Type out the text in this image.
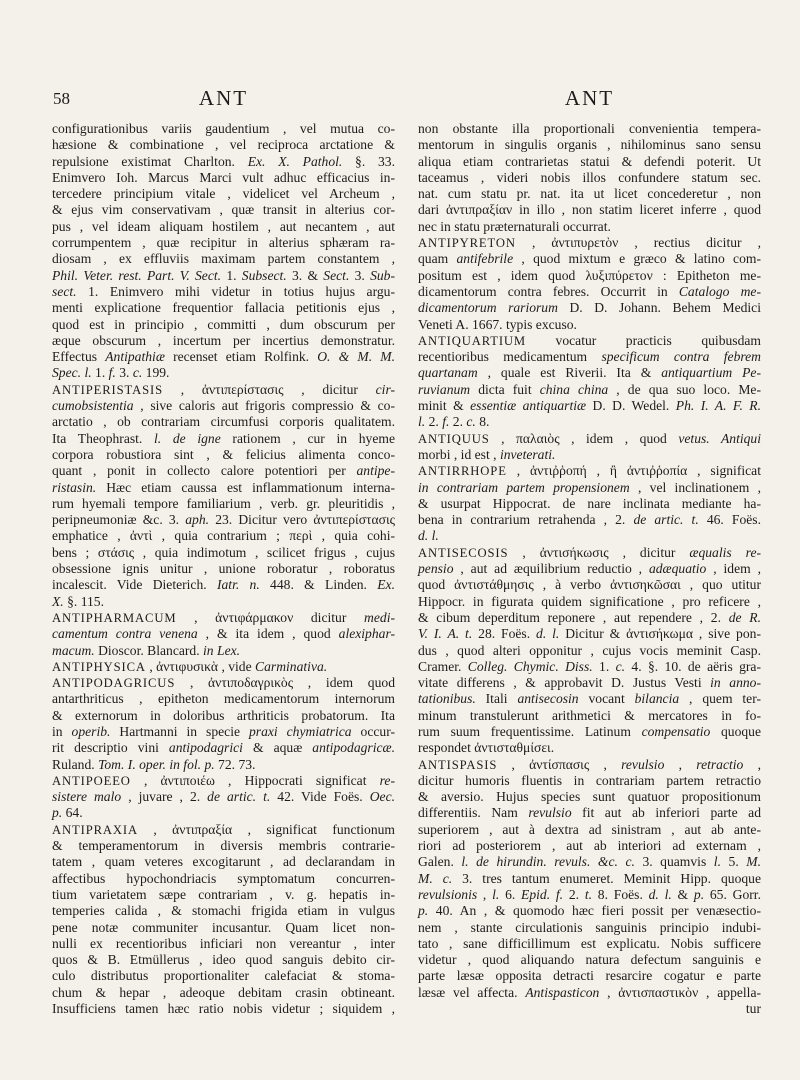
58	ANT	ANT
configurationibus variis gaudentium , vel mutua co-
hæsione & combinatione , vel reciproca arctatione &
repulsione existimat Charlton. Ex. X. Pathol. §. 33.
Enimvero Ioh. Marcus Marci vult adhuc efficacius in-
tercedere principium vitale , videlicet vel Archeum ,
& ejus vim conservativam , quæ transit in alterius cor-
pus , vel ideam aliquam hostilem , aut necantem , aut
corrumpentem , quæ recipitur in alterius sphæram ra-
diosam , ex effluviis maximam partem constantem ,
Phil. Veter. rest. Part. V. Sect. 1. Subsect. 3. & Sect. 3. Sub-
sect. 1. Enimvero mihi videtur in totius hujus argu-
menti explicatione frequentior fallacia petitionis ejus ,
quod est in principio , committi , dum obscurum per
æque obscurum , incertum per incertius demonstratur.
Effectus Antipathiæ recenset etiam Rolfink. O. & M. M.
Spec. l. 1. f. 3. c. 199.
ANTIPERISTASIS , ἀντιπερίστασις , dicitur cir-
cumobsistentia , sive caloris aut frigoris compressio & co-
arctatio , ob contrariam circumfusi corporis qualitatem.
Ita Theophrast. l. de igne rationem , cur in hyeme
corpora robustiora sint , & felicius alimenta conco-
quant , ponit in collecto calore potentiori per antipe-
ristasin. Hæc etiam caussa est inflammationum interna-
rum hyemali tempore familiarium , verb. gr. pleuritidis ,
peripneumoniæ &c. 3. aph. 23. Dicitur vero ἀντιπερίστασις
emphatice , ἀντὶ , quia contrarium ; περὶ , quia cohi-
bens ; στάσις , quia indimotum , scilicet frigus , cujus
obsessione ignis unitur , unione roboratur , roboratus
incalescit. Vide Dieterich. Iatr. n. 448. & Linden. Ex.
X. §. 115.
ANTIPHARMACUM , ἀντιφάρμακον dicitur medi-
camentum contra venena , & ita idem , quod alexiphar-
macum. Dioscor. Blancard. in Lex.
ANTIPHYSICA , ἀντιφυσικὰ , vide Carminativa.
ANTIPODAGRICUS , ἀντιποδαγρικὸς , idem quod
antarthriticus , epitheton medicamentorum internorum
& externorum in doloribus arthriticis probatorum. Ita
in operib. Hartmanni in specie praxi chymiatrica occur-
rit descriptio vini antipodagrici & aquæ antipodagricæ.
Ruland. Tom. I. oper. in fol. p. 72. 73.
ANTIPOEEO , ἀντιποιέω , Hippocrati significat re-
sistere malo , juvare , 2. de artic. t. 42. Vide Foës. Oec.
p. 64.
ANTIPRAXIA , ἀντιπραξία , significat functionum
& temperamentorum in diversis membris contrarie-
tatem , quam veteres excogitarunt , ad declarandam in
affectibus hypochondriacis symptomatum concurren-
tium varietatem sæpe contrariam , v. g. hepatis in-
temperies calida , & stomachi frigida etiam in vulgus
pene notæ communiter incusantur. Quam licet non-
nulli ex recentioribus inficiari non vereantur , inter
quos & B. Etmüllerus , ideo quod sanguis debito cir-
culo distributus proportionaliter calefaciat & stoma-
chum & hepar , adeoque debitam crasin obtineant.
Insufficiens tamen hæc ratio nobis videtur ; siquidem ,
non obstante illa proportionali convenientia tempera-
mentorum in singulis organis , nihilominus sano sensu
aliqua etiam contrarietas statui & defendi poterit. Ut
taceamus , videri nobis illos confundere statum sec.
nat. cum statu pr. nat. ita ut licet concederetur , non
dari ἀντιπραξίαν in illo , non statim liceret inferre , quod
nec in statu præternaturali occurrat.
ANTIPYRETON , ἀντιπυρετὸν , rectius dicitur ,
quam antifebrile , quod mixtum e græco & latino com-
positum est , idem quod λυξιπύρετον : Epitheton me-
dicamentorum contra febres. Occurrit in Catalogo me-
dicamentorum rariorum D. D. Johann. Behem Medici
Veneti A. 1667. typis excuso.
ANTIQUARTIUM vocatur practicis quibusdam
recentioribus medicamentum specificum contra febrem
quartanam , quale est Riverii. Ita & antiquartium Pe-
ruvianum dicta fuit china china , de qua suo loco. Me-
minit & essentiæ antiquartiæ D. D. Wedel. Ph. I. A. F. R.
l. 2. f. 2. c. 8.
ANTIQUUS , παλαιὸς , idem , quod vetus. Antiqui
morbi , id est , inveterati.
ANTIRRHOPE , ἀντιῤῥοπή , ἢ ἀντιῤῥοπία , significat
in contrariam partem propensionem , vel inclinationem ,
& usurpat Hippocrat. de nare inclinata mediante ha-
bena in contrarium retrahenda , 2. de artic. t. 46. Foës.
d. l.
ANTISECOSIS , ἀντισήκωσις , dicitur æqualis re-
pensio , aut ad æquilibrium reductio , adæquatio , idem ,
quod ἀντιστάθμησις , à verbo ἀντισηκῶσαι , quo utitur
Hippocr. in figurata quidem significatione , pro reficere ,
& cibum deperditum reponere , aut rependere , 2. de R.
V. I. A. t. 28. Foës. d. l. Dicitur & ἀντισήκωμα , sive pon-
dus , quod alteri opponitur , cujus vocis meminit Casp.
Cramer. Colleg. Chymic. Diss. 1. c. 4. §. 10. de aëris gra-
vitate differens , & approbavit D. Justus Vesti in anno-
tationibus. Itali antisecosin vocant bilancia , quem ter-
minum transtulerunt arithmetici & mercatores in fo-
rum suum frequentissime. Latinum compensatio quoque
respondet ἀντισταθμίσει.
ANTISPASIS , ἀντίσπασις , revulsio , retractio ,
dicitur humoris fluentis in contrariam partem retractio
& aversio. Hujus species sunt quatuor propositionum
differentiis. Nam revulsio fit aut ab inferiori parte ad
superiorem , aut à dextra ad sinistram , aut ab ante-
riori ad posteriorem , aut ab interiori ad externam ,
Galen. l. de hirundin. revuls. &c. c. 3. quamvis l. 5. M.
M. c. 3. tres tantum enumeret. Meminit Hipp. quoque
revulsionis , l. 6. Epid. f. 2. t. 8. Foës. d. l. & p. 65. Gorr.
p. 40. An , & quomodo hæc fieri possit per venæsectio-
nem , stante circulationis sanguinis principio indubi-
tato , sane difficillimum est explicatu. Nobis sufficere
videtur , quod aliquando natura defectum sanguinis e
parte læsæ opposita detracti resarcire cogatur e parte
læsæ vel affecta. Antispasticon , ἀντισπαστικὸν , appella-
tur
